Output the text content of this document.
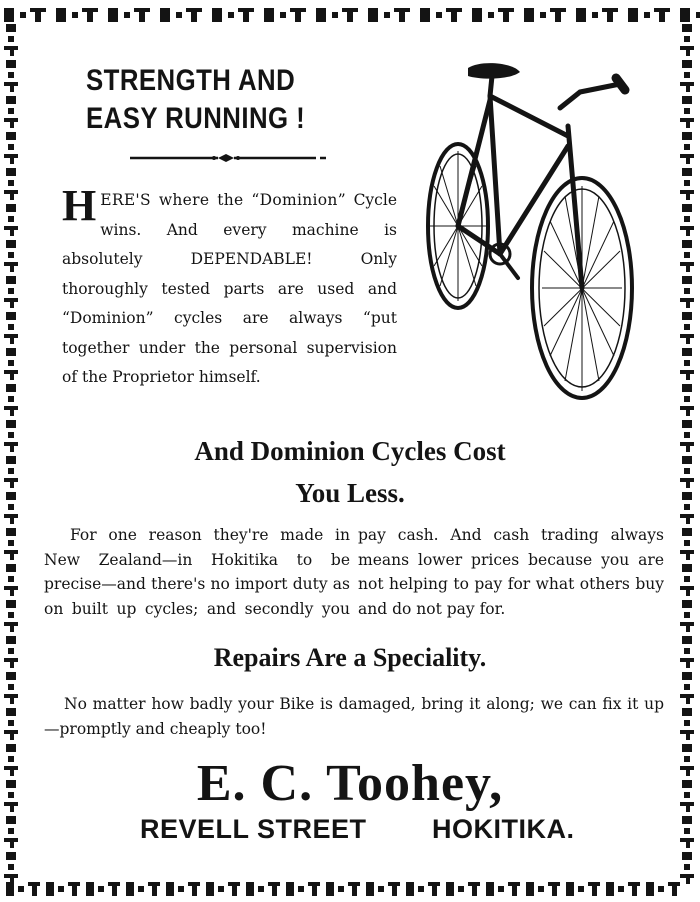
STRENGTH AND
EASY RUNNING !
H ERE'S where the “Dominion” Cycle wins. And every machine is absolutely DEPENDABLE! Only thoroughly tested parts are used and “Dominion” cycles are always “put together under the personal supervision of the Proprietor himself.
And Dominion Cycles Cost
You Less.

For one reason they're made in New Zealand—in Hokitika to be precise—and there's no import duty as on built up cycles; and secondly you pay cash. And cash trading always means lower prices because you are not helping to pay for what others buy and do not pay for.

Repairs Are a Speciality.

No matter how badly your Bike is damaged, bring it along; we can fix it up—promptly and cheaply too!

E. C. Toohey,
REVELL STREET HOKITIKA.
